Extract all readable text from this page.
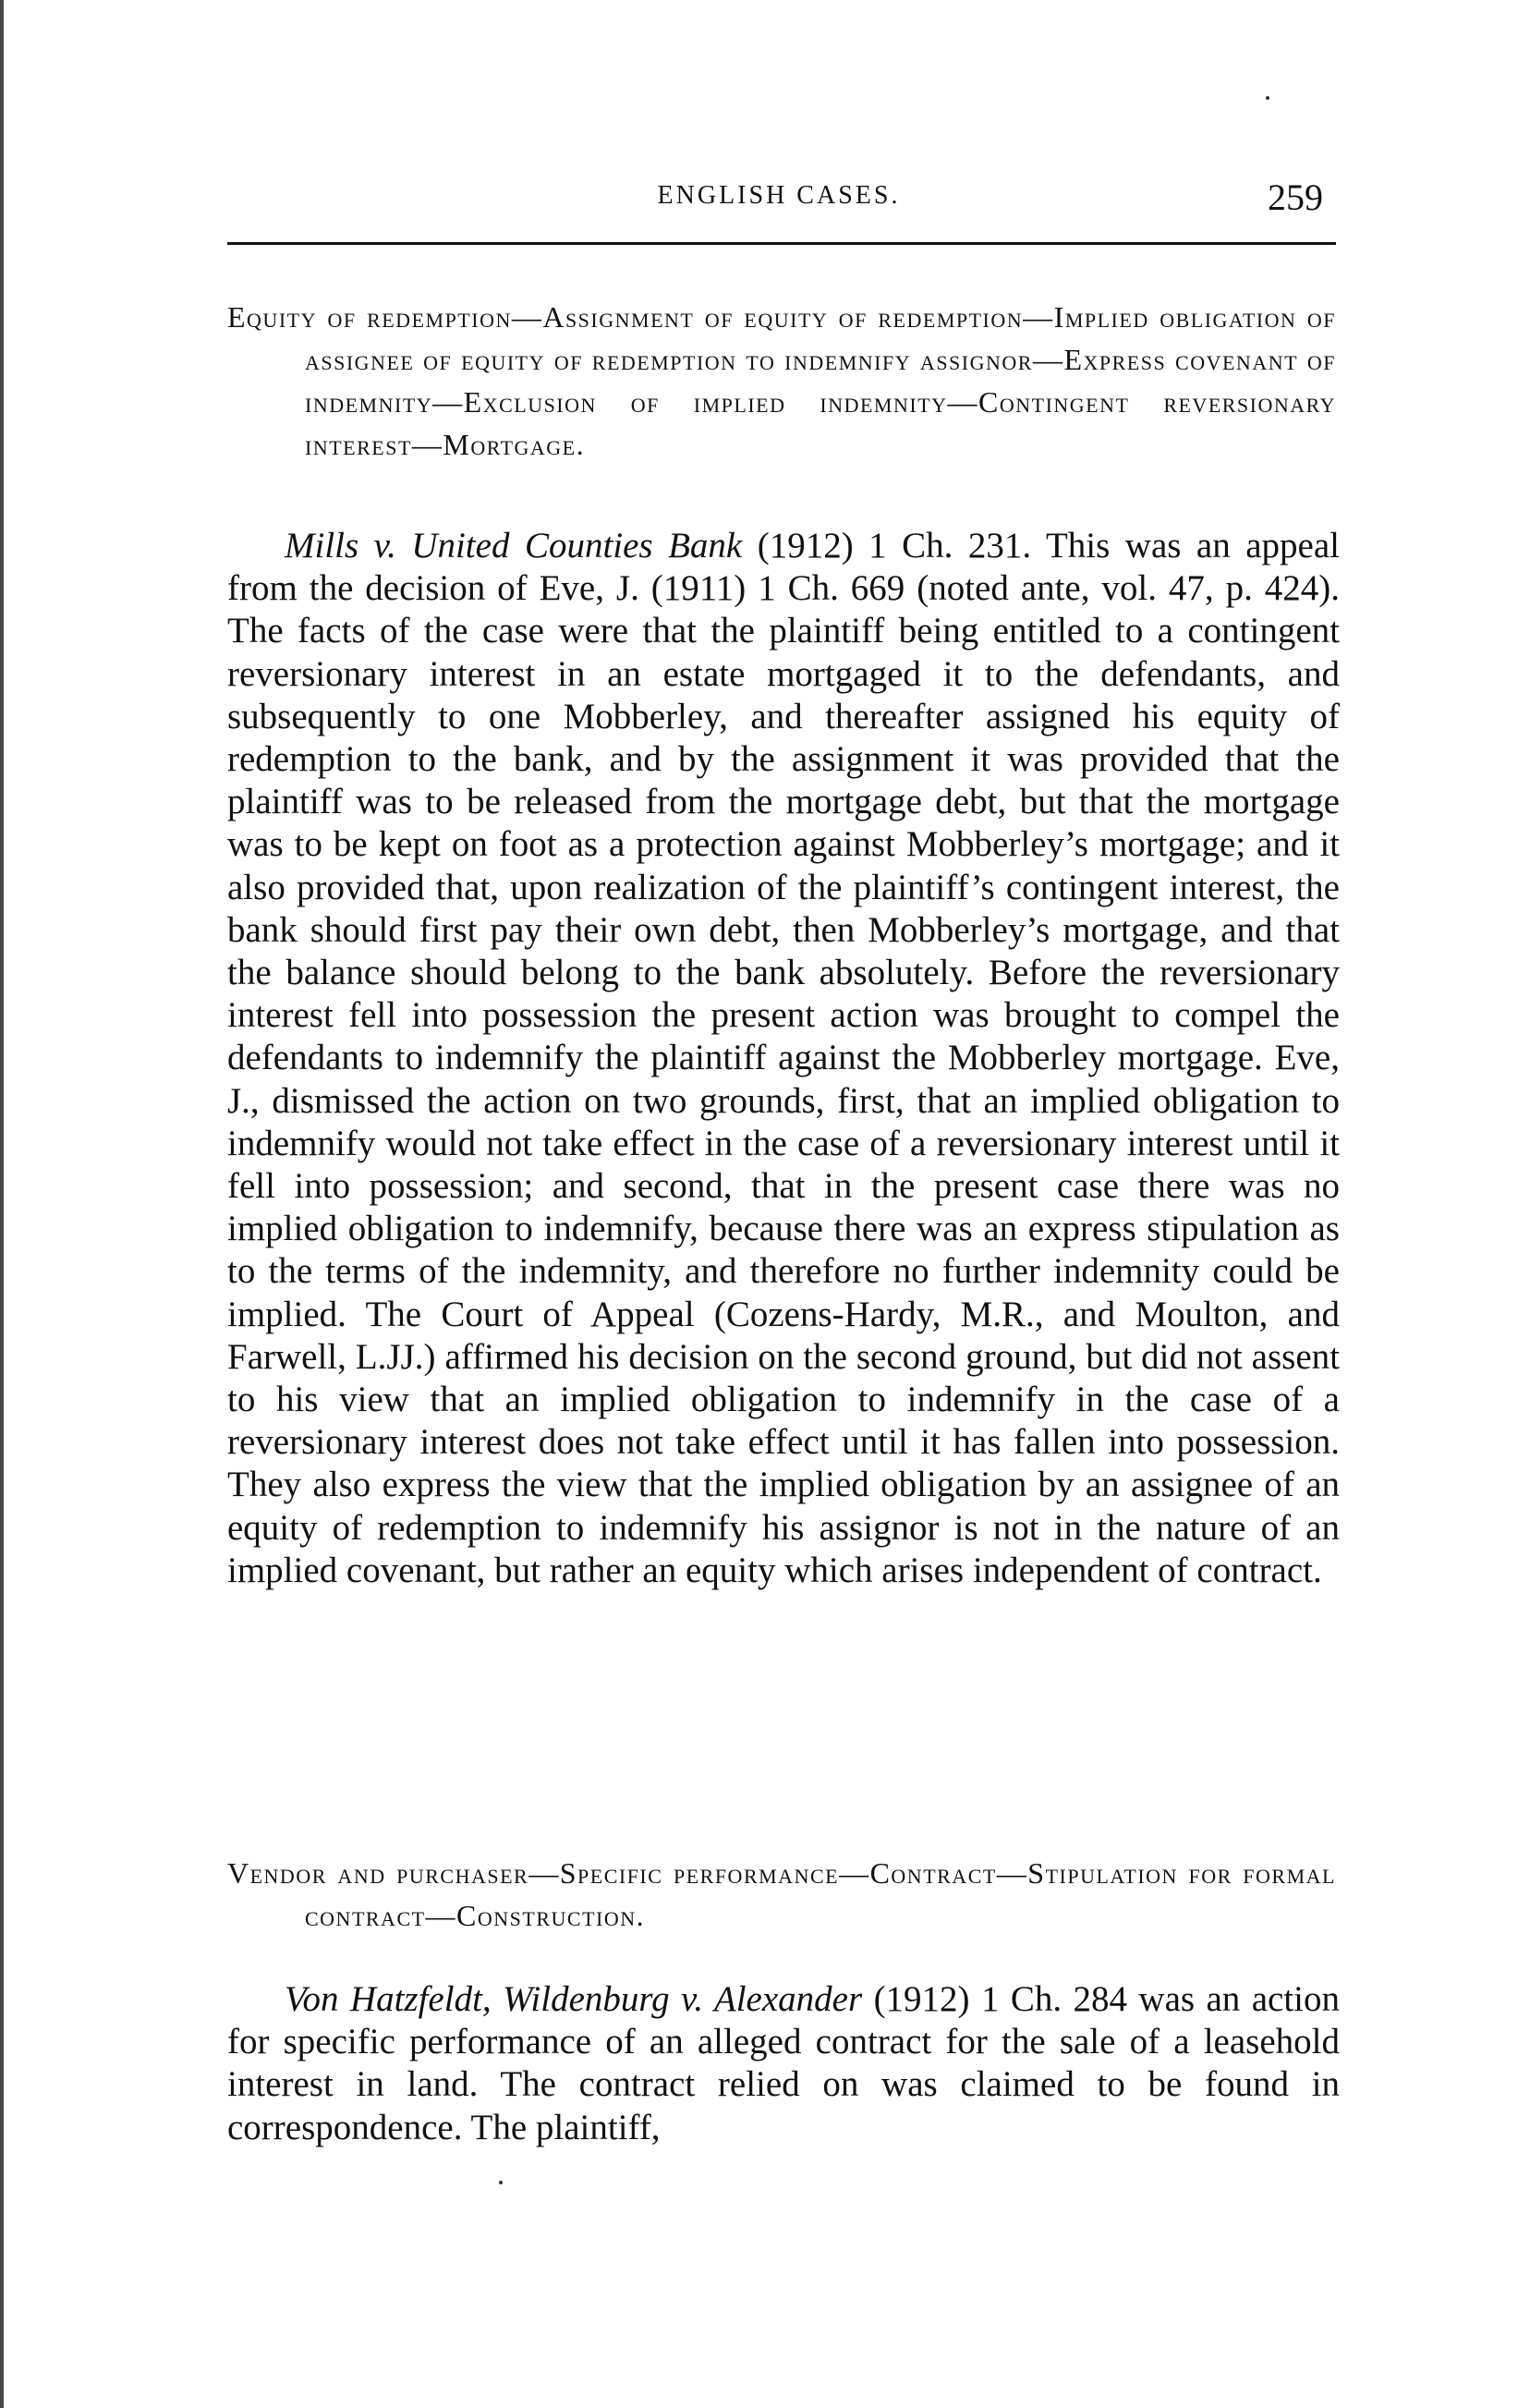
ENGLISH CASES.	259
Equity of redemption—Assignment of equity of redemption—Implied obligation of assignee of equity of redemption to indemnify assignor—Express covenant of indemnity—Exclusion of implied indemnity—Contingent reversionary interest—Mortgage.

Mills v. United Counties Bank (1912) 1 Ch. 231. This was an appeal from the decision of Eve, J. (1911) 1 Ch. 669 (noted ante, vol. 47, p. 424). The facts of the case were that the plaintiff being entitled to a contingent reversionary interest in an estate mortgaged it to the defendants, and subsequently to one Mobberley, and thereafter assigned his equity of redemption to the bank, and by the assignment it was provided that the plaintiff was to be released from the mortgage debt, but that the mortgage was to be kept on foot as a protection against Mobberley’s mortgage; and it also provided that, upon realization of the plaintiff’s contingent interest, the bank should first pay their own debt, then Mobberley’s mortgage, and that the balance should belong to the bank absolutely. Before the reversionary interest fell into possession the present action was brought to compel the defendants to indemnify the plaintiff against the Mobberley mortgage. Eve, J., dismissed the action on two grounds, first, that an implied obligation to indemnify would not take effect in the case of a reversionary interest until it fell into possession; and second, that in the present case there was no implied obligation to indemnify, because there was an express stipulation as to the terms of the indemnity, and therefore no further indemnity could be implied. The Court of Appeal (Cozens-Hardy, M.R., and Moulton, and Farwell, L.JJ.) affirmed his decision on the second ground, but did not assent to his view that an implied obligation to indemnify in the case of a reversionary interest does not take effect until it has fallen into possession. They also express the view that the implied obligation by an assignee of an equity of redemption to indemnify his assignor is not in the nature of an implied covenant, but rather an equity which arises independent of contract.

Vendor and purchaser—Specific performance—Contract—Stipulation for formal contract—Construction.

Von Hatzfeldt, Wildenburg v. Alexander (1912) 1 Ch. 284 was an action for specific performance of an alleged contract for the sale of a leasehold interest in land. The contract relied on was claimed to be found in correspondence. The plaintiff,
